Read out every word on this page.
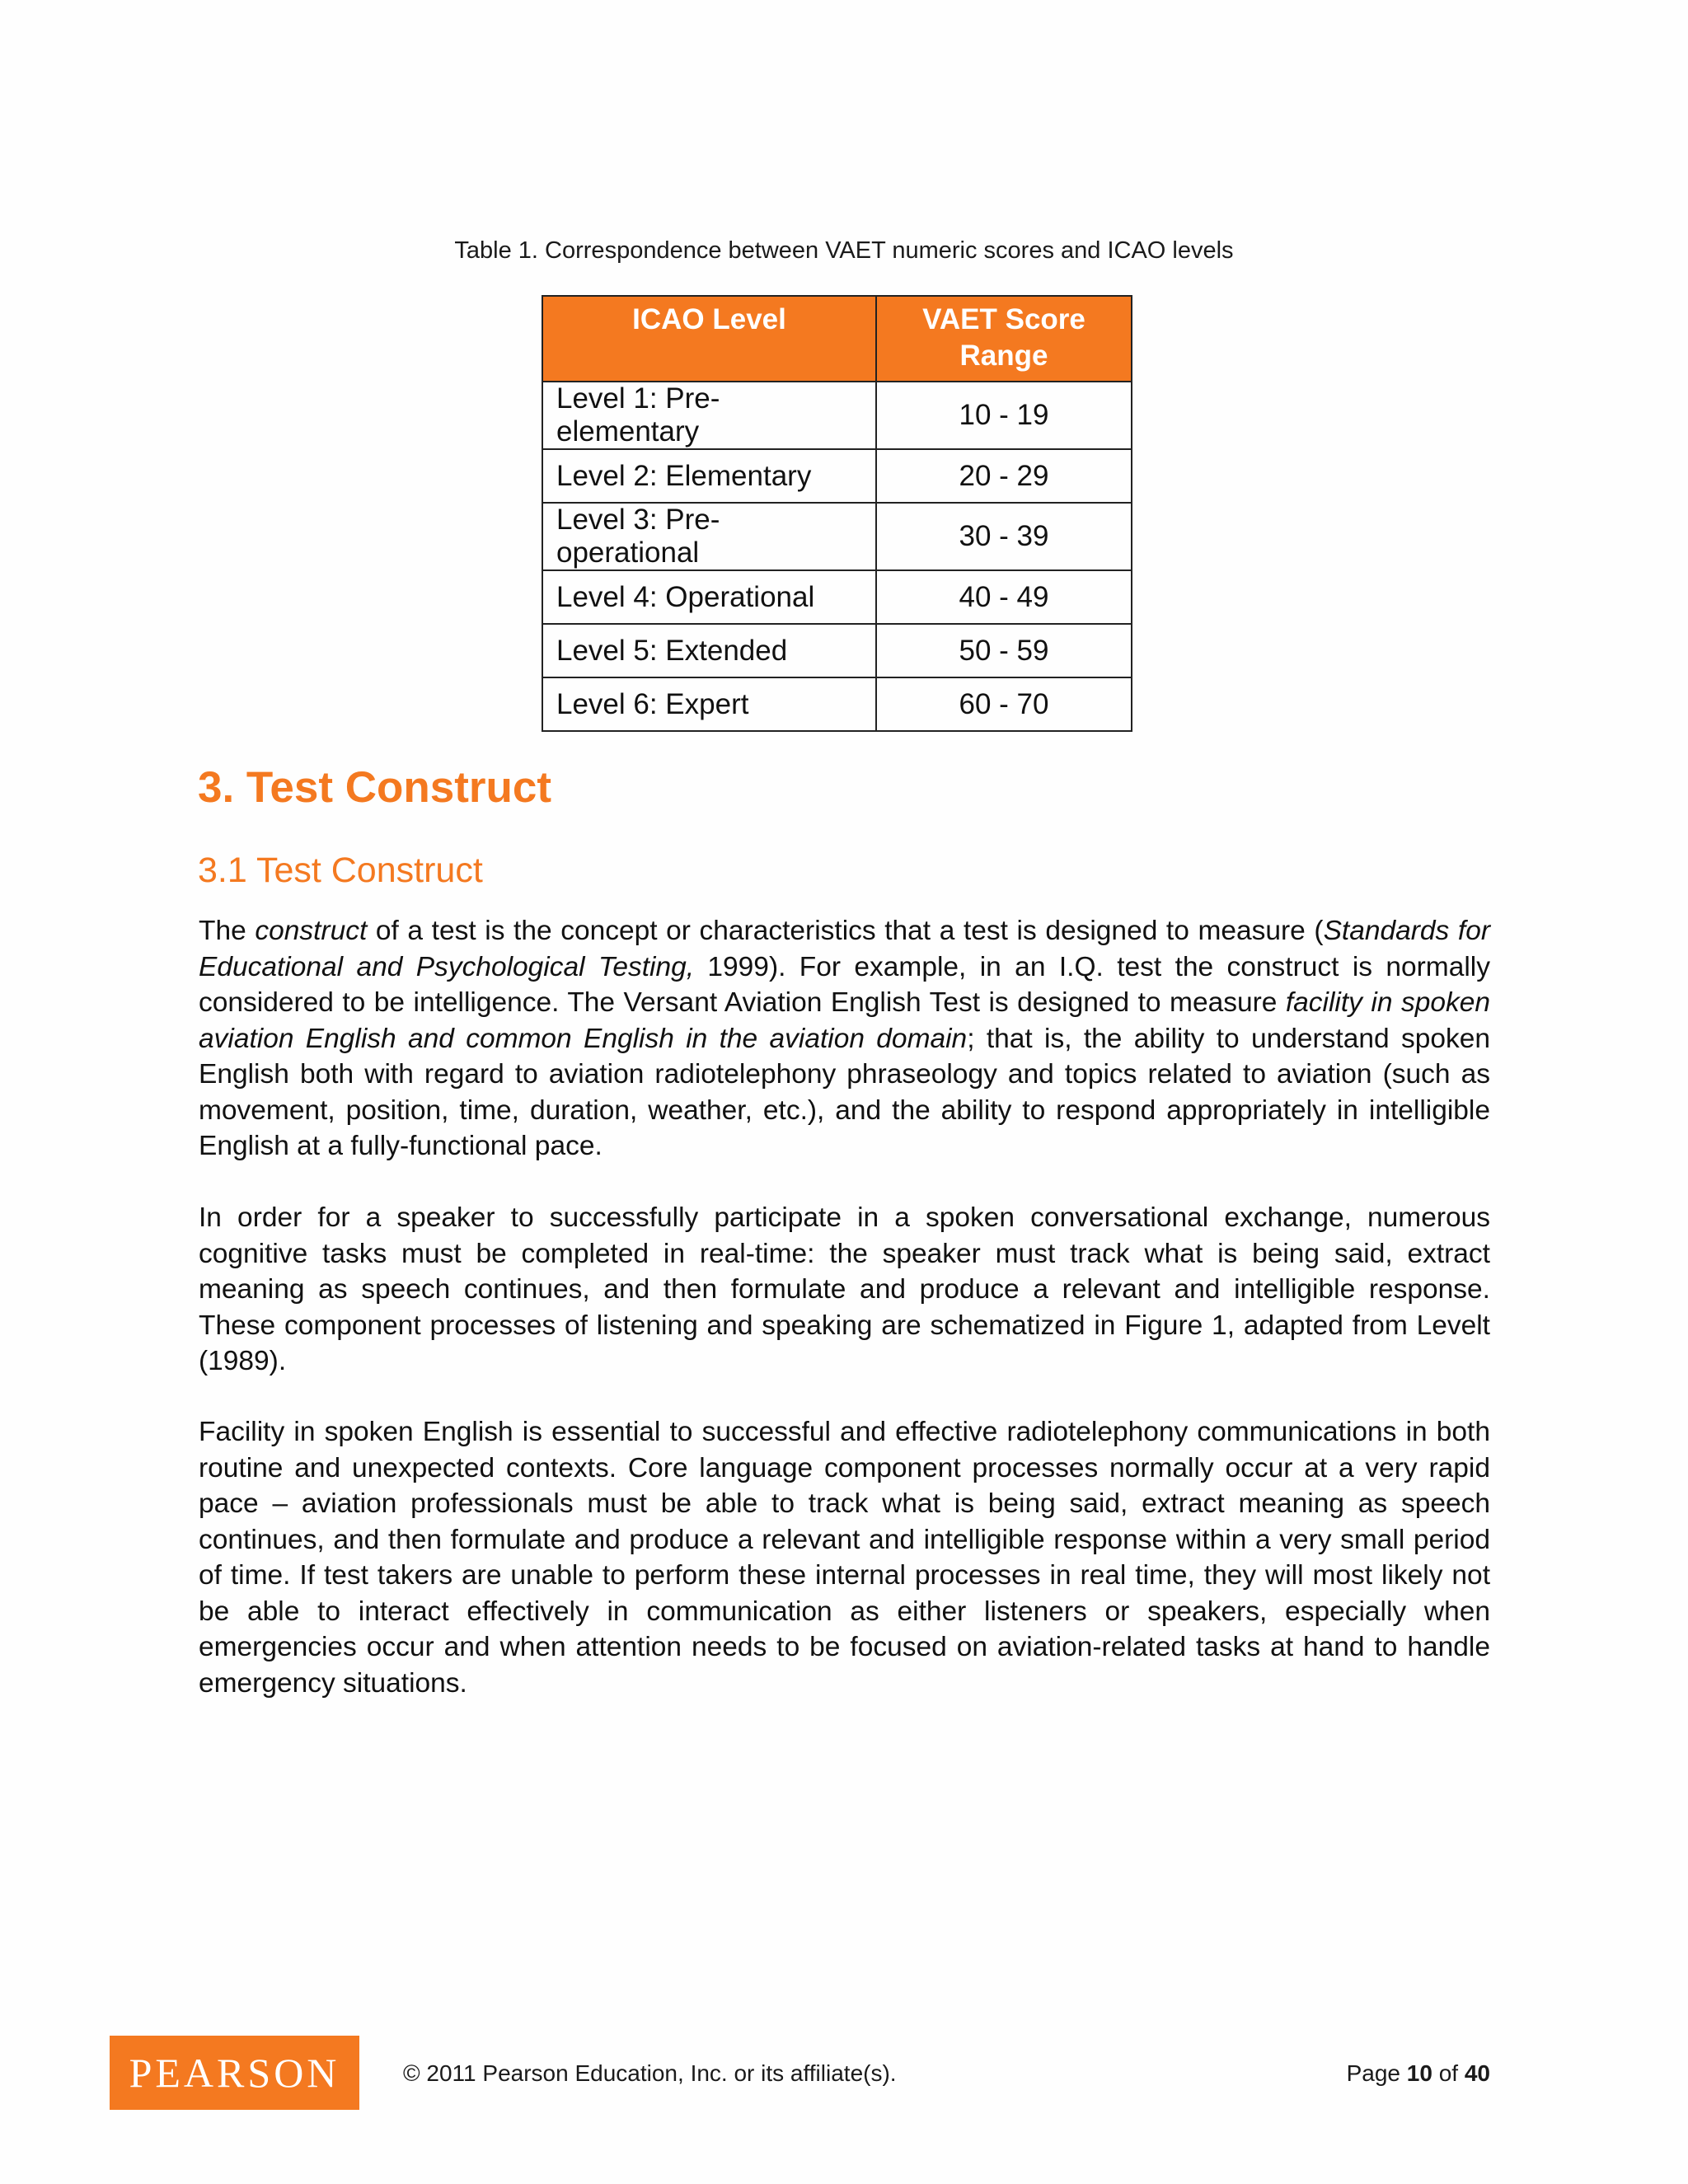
Table 1. Correspondence between VAET numeric scores and ICAO levels
ICAO Level	VAET Score Range
Level 1: Pre-elementary	10 - 19
Level 2: Elementary	20 - 29
Level 3: Pre-operational	30 - 39
Level 4: Operational	40 - 49
Level 5: Extended	50 - 59
Level 6: Expert	60 - 70
3. Test Construct
3.1 Test Construct

The construct of a test is the concept or characteristics that a test is designed to measure (Standards for Educational and Psychological Testing, 1999). For example, in an I.Q. test the construct is normally considered to be intelligence. The Versant Aviation English Test is designed to measure facility in spoken aviation English and common English in the aviation domain; that is, the ability to understand spoken English both with regard to aviation radiotelephony phraseology and topics related to aviation (such as movement, position, time, duration, weather, etc.), and the ability to respond appropriately in intelligible English at a fully-functional pace.

In order for a speaker to successfully participate in a spoken conversational exchange, numerous cognitive tasks must be completed in real-time: the speaker must track what is being said, extract meaning as speech continues, and then formulate and produce a relevant and intelligible response. These component processes of listening and speaking are schematized in Figure 1, adapted from Levelt (1989).

Facility in spoken English is essential to successful and effective radiotelephony communications in both routine and unexpected contexts. Core language component processes normally occur at a very rapid pace – aviation professionals must be able to track what is being said, extract meaning as speech continues, and then formulate and produce a relevant and intelligible response within a very small period of time. If test takers are unable to perform these internal processes in real time, they will most likely not be able to interact effectively in communication as either listeners or speakers, especially when emergencies occur and when attention needs to be focused on aviation-related tasks at hand to handle emergency situations.

PEARSON	© 2011 Pearson Education, Inc. or its affiliate(s).	Page 10 of 40
